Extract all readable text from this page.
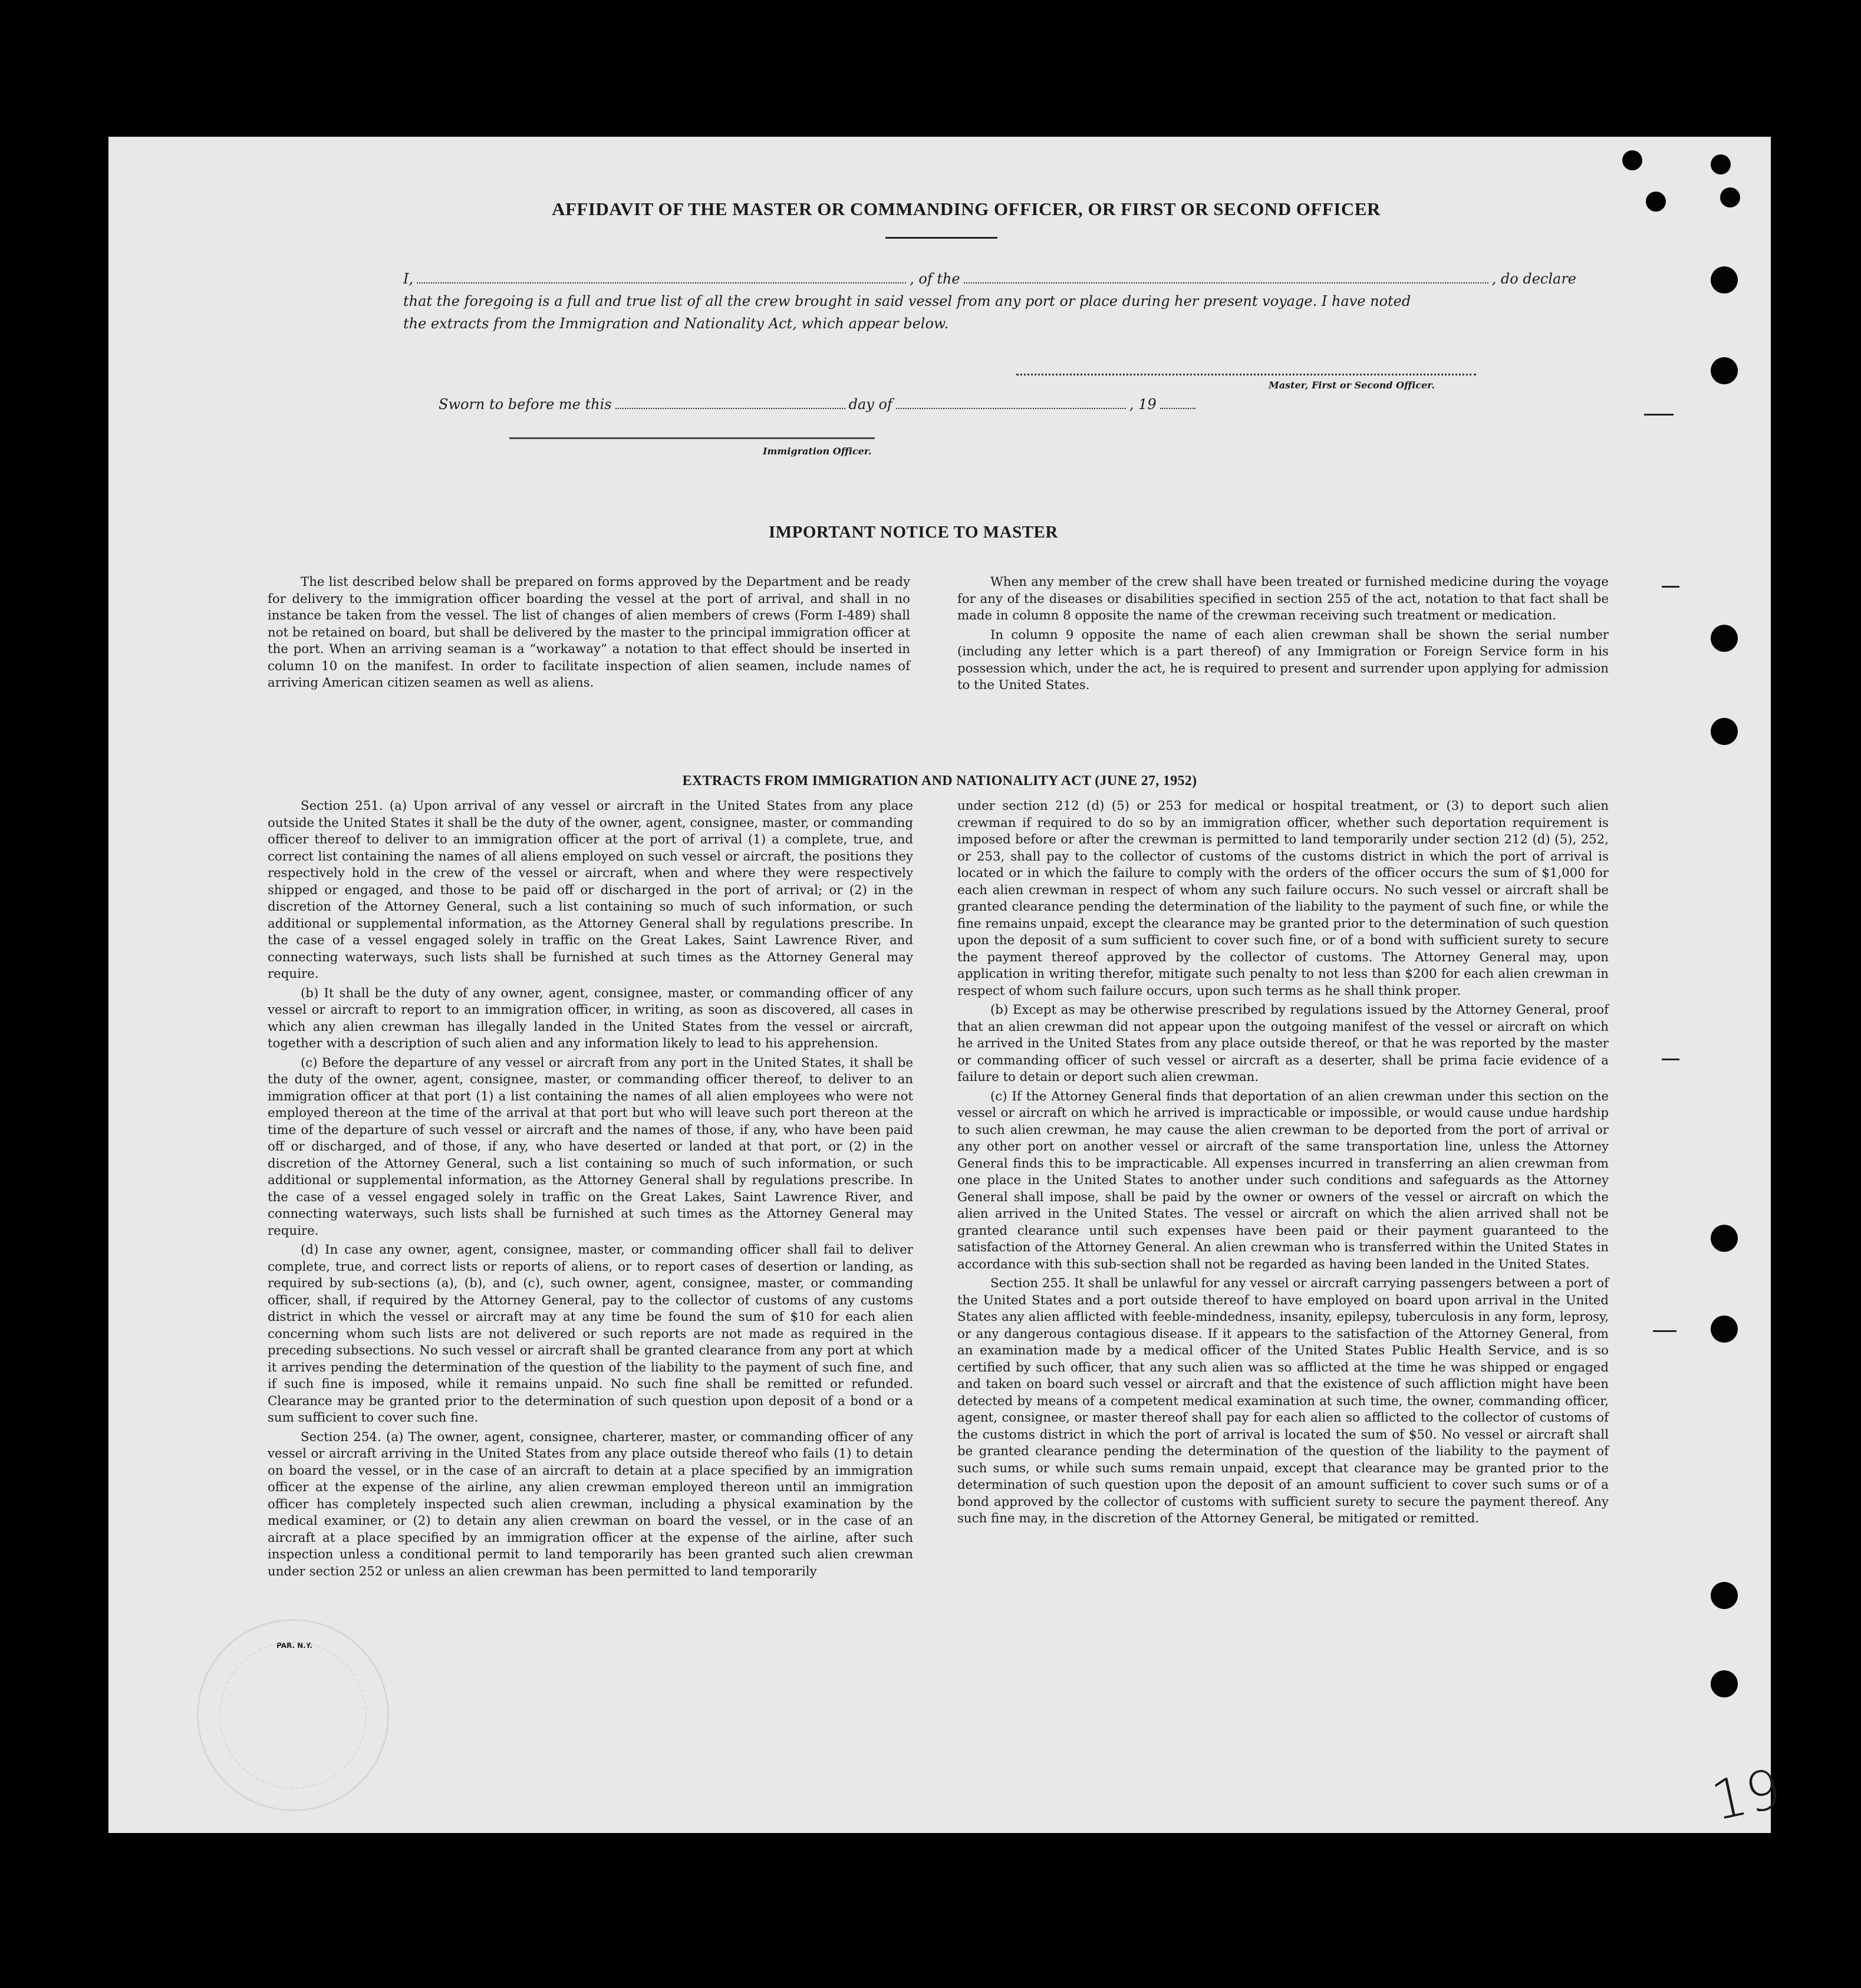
AFFIDAVIT OF THE MASTER OR COMMANDING OFFICER, OR FIRST OR SECOND OFFICER
I,	, of the	, do declare
that the foregoing is a full and true list of all the crew brought in said vessel from any port or place during her present voyage. I have noted
the extracts from the Immigration and Nationality Act, which appear below.
Master, First or Second Officer.
Sworn to before me this	day of	, 19
Immigration Officer.
IMPORTANT NOTICE TO MASTER

The list described below shall be prepared on forms approved by the Department and be ready for delivery to the immigration officer boarding the vessel at the port of arrival, and shall in no instance be taken from the vessel. The list of changes of alien members of crews (Form I-489) shall not be retained on board, but shall be delivered by the master to the principal immigration officer at the port. When an arriving seaman is a “workaway” a notation to that effect should be inserted in column 10 on the manifest. In order to facilitate inspection of alien seamen, include names of arriving American citizen seamen as well as aliens.

When any member of the crew shall have been treated or furnished medicine during the voyage for any of the diseases or disabilities specified in section 255 of the act, notation to that fact shall be made in column 8 opposite the name of the crewman receiving such treatment or medication.

In column 9 opposite the name of each alien crewman shall be shown the serial number (including any letter which is a part thereof) of any Immigration or Foreign Service form in his possession which, under the act, he is required to present and surrender upon applying for admission to the United States.

EXTRACTS FROM IMMIGRATION AND NATIONALITY ACT (JUNE 27, 1952)

Section 251. (a) Upon arrival of any vessel or aircraft in the United States from any place outside the United States it shall be the duty of the owner, agent, consignee, master, or commanding officer thereof to deliver to an immigration officer at the port of arrival (1) a complete, true, and correct list containing the names of all aliens employed on such vessel or aircraft, the positions they respectively hold in the crew of the vessel or aircraft, when and where they were respectively shipped or engaged, and those to be paid off or discharged in the port of arrival; or (2) in the discretion of the Attorney General, such a list containing so much of such information, or such additional or supplemental information, as the Attorney General shall by regulations prescribe. In the case of a vessel engaged solely in traffic on the Great Lakes, Saint Lawrence River, and connecting waterways, such lists shall be furnished at such times as the Attorney General may require.

(b) It shall be the duty of any owner, agent, consignee, master, or commanding officer of any vessel or aircraft to report to an immigration officer, in writing, as soon as discovered, all cases in which any alien crewman has illegally landed in the United States from the vessel or aircraft, together with a description of such alien and any information likely to lead to his apprehension.

(c) Before the departure of any vessel or aircraft from any port in the United States, it shall be the duty of the owner, agent, consignee, master, or commanding officer thereof, to deliver to an immigration officer at that port (1) a list containing the names of all alien employees who were not employed thereon at the time of the arrival at that port but who will leave such port thereon at the time of the departure of such vessel or aircraft and the names of those, if any, who have been paid off or discharged, and of those, if any, who have deserted or landed at that port, or (2) in the discretion of the Attorney General, such a list containing so much of such information, or such additional or supplemental information, as the Attorney General shall by regulations prescribe. In the case of a vessel engaged solely in traffic on the Great Lakes, Saint Lawrence River, and connecting waterways, such lists shall be furnished at such times as the Attorney General may require.

(d) In case any owner, agent, consignee, master, or commanding officer shall fail to deliver complete, true, and correct lists or reports of aliens, or to report cases of desertion or landing, as required by sub-sections (a), (b), and (c), such owner, agent, consignee, master, or commanding officer, shall, if required by the Attorney General, pay to the collector of customs of any customs district in which the vessel or aircraft may at any time be found the sum of $10 for each alien concerning whom such lists are not delivered or such reports are not made as required in the preceding subsections. No such vessel or aircraft shall be granted clearance from any port at which it arrives pending the determination of the question of the liability to the payment of such fine, and if such fine is imposed, while it remains unpaid. No such fine shall be remitted or refunded. Clearance may be granted prior to the determination of such question upon deposit of a bond or a sum sufficient to cover such fine.

Section 254. (a) The owner, agent, consignee, charterer, master, or commanding officer of any vessel or aircraft arriving in the United States from any place outside thereof who fails (1) to detain on board the vessel, or in the case of an aircraft to detain at a place specified by an immigration officer at the expense of the airline, any alien crewman employed thereon until an immigration officer has completely inspected such alien crewman, including a physical examination by the medical examiner, or (2) to detain any alien crewman on board the vessel, or in the case of an aircraft at a place specified by an immigration officer at the expense of the airline, after such inspection unless a conditional permit to land temporarily has been granted such alien crewman under section 252 or unless an alien crewman has been permitted to land temporarily

under section 212 (d) (5) or 253 for medical or hospital treatment, or (3) to deport such alien crewman if required to do so by an immigration officer, whether such deportation requirement is imposed before or after the crewman is permitted to land temporarily under section 212 (d) (5), 252, or 253, shall pay to the collector of customs of the customs district in which the port of arrival is located or in which the failure to comply with the orders of the officer occurs the sum of $1,000 for each alien crewman in respect of whom any such failure occurs. No such vessel or aircraft shall be granted clearance pending the determination of the liability to the payment of such fine, or while the fine remains unpaid, except the clearance may be granted prior to the determination of such question upon the deposit of a sum sufficient to cover such fine, or of a bond with sufficient surety to secure the payment thereof approved by the collector of customs. The Attorney General may, upon application in writing therefor, mitigate such penalty to not less than $200 for each alien crewman in respect of whom such failure occurs, upon such terms as he shall think proper.

(b) Except as may be otherwise prescribed by regulations issued by the Attorney General, proof that an alien crewman did not appear upon the outgoing manifest of the vessel or aircraft on which he arrived in the United States from any place outside thereof, or that he was reported by the master or commanding officer of such vessel or aircraft as a deserter, shall be prima facie evidence of a failure to detain or deport such alien crewman.

(c) If the Attorney General finds that deportation of an alien crewman under this section on the vessel or aircraft on which he arrived is impracticable or impossible, or would cause undue hardship to such alien crewman, he may cause the alien crewman to be deported from the port of arrival or any other port on another vessel or aircraft of the same transportation line, unless the Attorney General finds this to be impracticable. All expenses incurred in transferring an alien crewman from one place in the United States to another under such conditions and safeguards as the Attorney General shall impose, shall be paid by the owner or owners of the vessel or aircraft on which the alien arrived in the United States. The vessel or aircraft on which the alien arrived shall not be granted clearance until such expenses have been paid or their payment guaranteed to the satisfaction of the Attorney General. An alien crewman who is transferred within the United States in accordance with this sub-section shall not be regarded as having been landed in the United States.

Section 255. It shall be unlawful for any vessel or aircraft carrying passengers between a port of the United States and a port outside thereof to have employed on board upon arrival in the United States any alien afflicted with feeble-mindedness, insanity, epilepsy, tuberculosis in any form, leprosy, or any dangerous contagious disease. If it appears to the satisfaction of the Attorney General, from an examination made by a medical officer of the United States Public Health Service, and is so certified by such officer, that any such alien was so afflicted at the time he was shipped or engaged and taken on board such vessel or aircraft and that the existence of such affliction might have been detected by means of a competent medical examination at such time, the owner, commanding officer, agent, consignee, or master thereof shall pay for each alien so afflicted to the collector of customs of the customs district in which the port of arrival is located the sum of $50. No vessel or aircraft shall be granted clearance pending the determination of the question of the liability to the payment of such sums, or while such sums remain unpaid, except that clearance may be granted prior to the determination of such question upon the deposit of an amount sufficient to cover such sums or of a bond approved by the collector of customs with sufficient surety to secure the payment thereof. Any such fine may, in the discretion of the Attorney General, be mitigated or remitted.

PAR. N.Y.
19
